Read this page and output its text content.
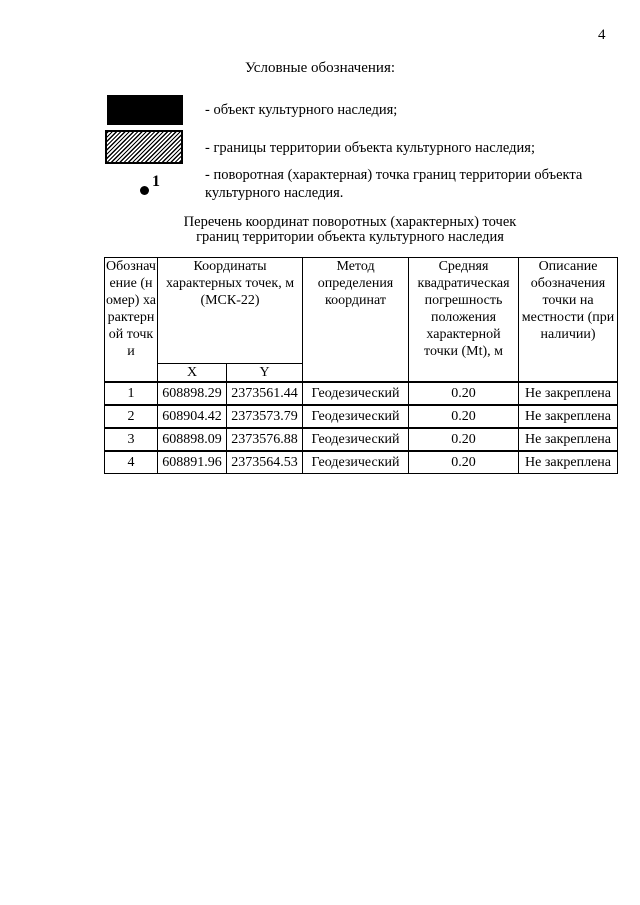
4
Условные обозначения:
- объект культурного наследия;
- границы территории объекта культурного наследия;
1	- поворотная (характерная) точка границ территории объекта культурного наследия.
Перечень координат поворотных (характерных) точек
границ территории объекта культурного наследия
Обозначение (номер) характерной точки	Координаты характерных точек, м (МСК-22)		Метод определения координат	Средняя квадратическая погрешность положения характерной точки (Mt), м	Описание обозначения точки на местности (при наличии)
	X	Y			
1	608898.29	2373561.44	Геодезический	0.20	Не закреплена
2	608904.42	2373573.79	Геодезический	0.20	Не закреплена
3	608898.09	2373576.88	Геодезический	0.20	Не закреплена
4	608891.96	2373564.53	Геодезический	0.20	Не закреплена
